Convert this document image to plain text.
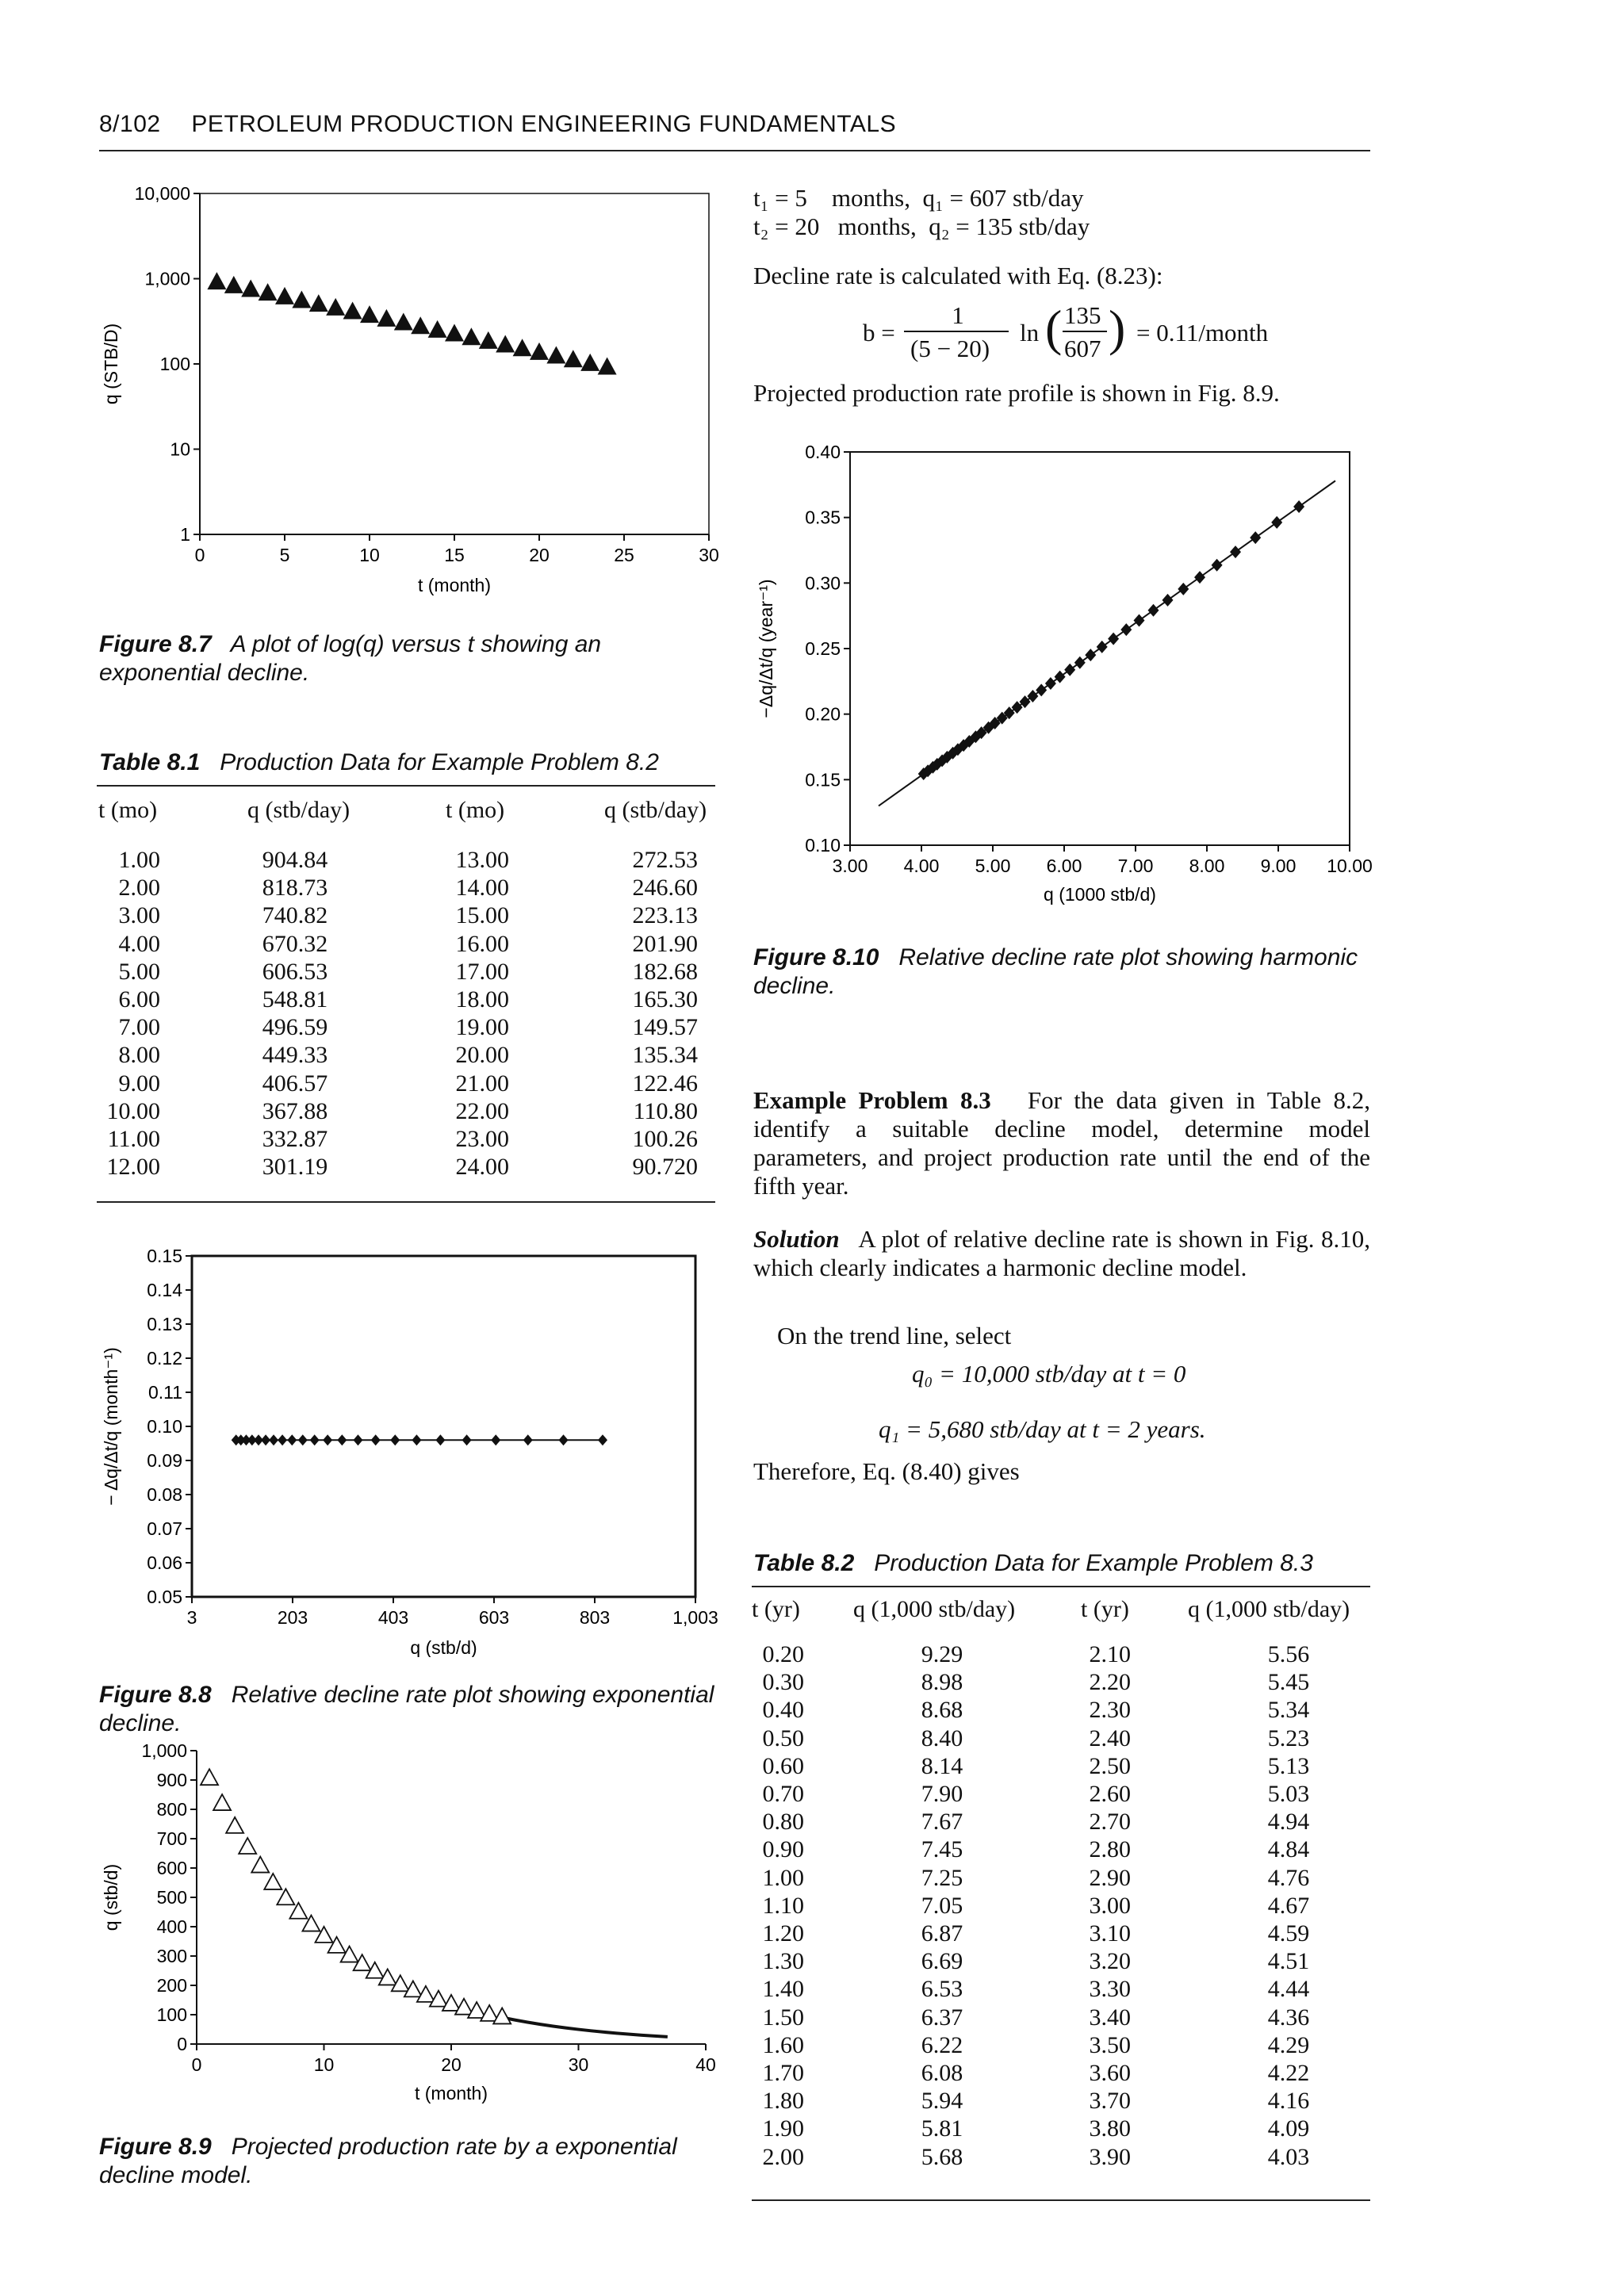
8/102 PETROLEUM PRODUCTION ENGINEERING FUNDAMENTALS
0	5	10	15	20	25	30
1
10
100
1,000
10,000
t (month)
q (STB/D)
Figure 8.7 A plot of log(q) versus t showing an exponential decline.
Table 8.1 Production Data for Example Problem 8.2
t (mo)	q (stb/day)	t (mo)	q (stb/day)
1.00	904.84	13.00	272.53
2.00	818.73	14.00	246.60
3.00	740.82	15.00	223.13
4.00	670.32	16.00	201.90
5.00	606.53	17.00	182.68
6.00	548.81	18.00	165.30
7.00	496.59	19.00	149.57
8.00	449.33	20.00	135.34
9.00	406.57	21.00	122.46
10.00	367.88	22.00	110.80
11.00	332.87	23.00	100.26
12.00	301.19	24.00	90.720
3	203	403	603	803	1,003
0.05
0.06
0.07
0.08
0.09
0.10
0.11
0.12
0.13
0.14
0.15
q (stb/d)
− Δq/Δt/q (month⁻¹)
Figure 8.8 Relative decline rate plot showing exponential decline.
0	10	20	30	40
0
100
200
300
400
500
600
700
800
900
1,000
t (month)
q (stb/d)
Figure 8.9 Projected production rate by a exponential decline model.
t₁ = 5    months,  q₁ = 607 stb/day
t₂ = 20   months,  q₂ = 135 stb/day
Decline rate is calculated with Eq. (8.23):
b =
1
(5 − 20)
ln ( 135
607 ) = 0.11/month
Projected production rate profile is shown in Fig. 8.9.
3.00 4.00 5.00 6.00 7.00 8.00 9.00 10.00
0.10
0.15
0.20
0.25
0.30
0.35
0.40
q (1000 stb/d)
−Δq/Δt/q (year⁻¹)
Figure 8.10 Relative decline rate plot showing harmonic decline.
Example Problem 8.3 For the data given in Table 8.2, identify a suitable decline model, determine model parameters, and project production rate until the end of the fifth year.
Solution A plot of relative decline rate is shown in Fig. 8.10, which clearly indicates a harmonic decline model.
On the trend line, select
q₀ = 10,000 stb/day at t = 0
q₁ = 5,680 stb/day at t = 2 years.
Therefore, Eq. (8.40) gives
Table 8.2 Production Data for Example Problem 8.3
t (yr) q (1,000 stb/day)	t (yr) q (1,000 stb/day)
0.20	9.29	2.10	5.56
0.30	8.98	2.20	5.45
0.40	8.68	2.30	5.34
0.50	8.40	2.40	5.23
0.60	8.14	2.50	5.13
0.70	7.90	2.60	5.03
0.80	7.67	2.70	4.94
0.90	7.45	2.80	4.84
1.00	7.25	2.90	4.76
1.10	7.05	3.00	4.67
1.20	6.87	3.10	4.59
1.30	6.69	3.20	4.51
1.40	6.53	3.30	4.44
1.50	6.37	3.40	4.36
1.60	6.22	3.50	4.29
1.70	6.08	3.60	4.22
1.80	5.94	3.70	4.16
1.90	5.81	3.80	4.09
2.00	5.68	3.90	4.03
